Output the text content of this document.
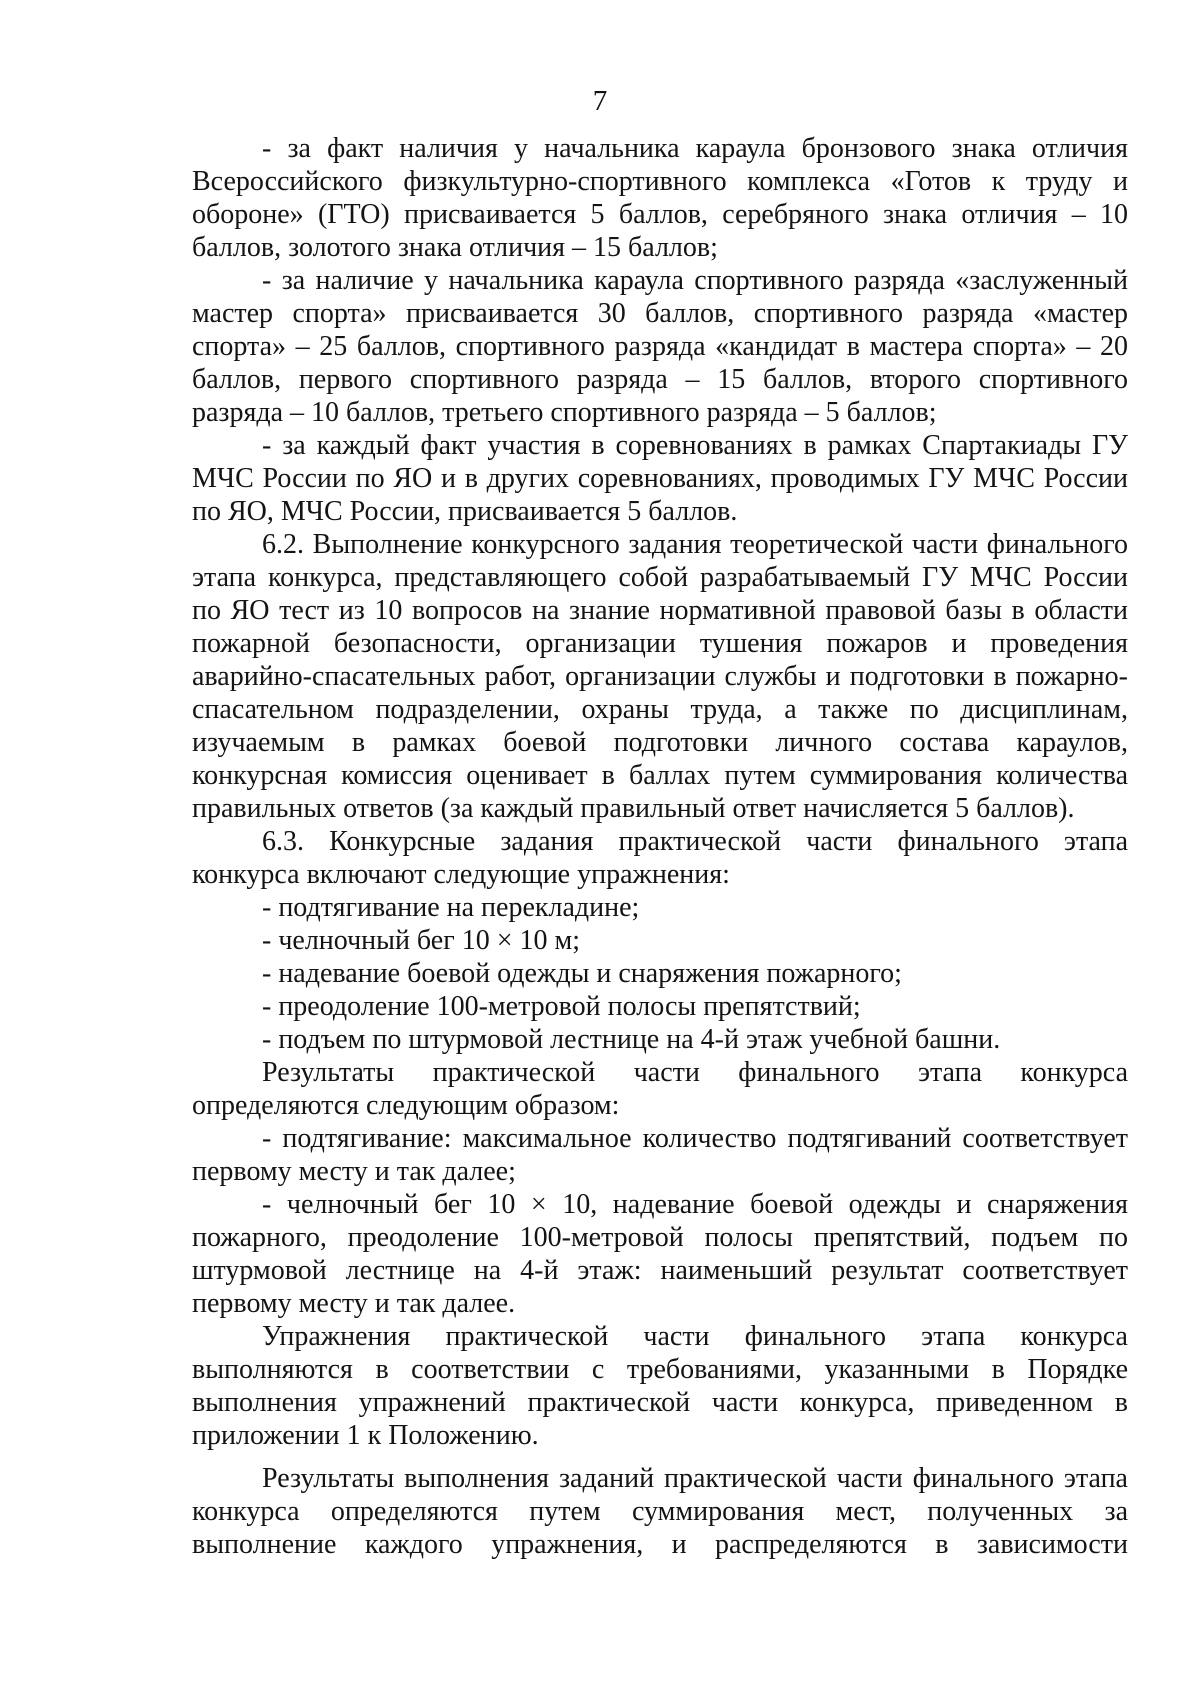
7

- за факт наличия у начальника караула бронзового знака отличия Всероссийского физкультурно-спортивного комплекса «Готов к труду и обороне» (ГТО) присваивается 5 баллов, серебряного знака отличия – 10 баллов, золотого знака отличия – 15 баллов;

- за наличие у начальника караула спортивного разряда «заслуженный мастер спорта» присваивается 30 баллов, спортивного разряда «мастер спорта» – 25 баллов, спортивного разряда «кандидат в мастера спорта» – 20 баллов, первого спортивного разряда – 15 баллов, второго спортивного разряда – 10 баллов, третьего спортивного разряда – 5 баллов;

- за каждый факт участия в соревнованиях в рамках Спартакиады ГУ МЧС России по ЯО и в других соревнованиях, проводимых ГУ МЧС России по ЯО, МЧС России, присваивается 5 баллов.

6.2. Выполнение конкурсного задания теоретической части финального этапа конкурса, представляющего собой разрабатываемый ГУ МЧС России по ЯО тест из 10 вопросов на знание нормативной правовой базы в области пожарной безопасности, организации тушения пожаров и проведения аварийно-спасательных работ, организации службы и подготовки в пожарно-спасательном подразделении, охраны труда, а также по дисциплинам, изучаемым в рамках боевой подготовки личного состава караулов, конкурсная комиссия оценивает в баллах путем суммирования количества правильных ответов (за каждый правильный ответ начисляется 5 баллов).

6.3. Конкурсные задания практической части финального этапа конкурса включают следующие упражнения:

- подтягивание на перекладине;

- челночный бег 10 × 10 м;

- надевание боевой одежды и снаряжения пожарного;

- преодоление 100-метровой полосы препятствий;

- подъем по штурмовой лестнице на 4-й этаж учебной башни.

Результаты практической части финального этапа конкурса определяются следующим образом:

- подтягивание: максимальное количество подтягиваний соответствует первому месту и так далее;

- челночный бег 10 × 10, надевание боевой одежды и снаряжения пожарного, преодоление 100-метровой полосы препятствий, подъем по штурмовой лестнице на 4-й этаж: наименьший результат соответствует первому месту и так далее.

Упражнения практической части финального этапа конкурса выполняются в соответствии с требованиями, указанными в Порядке выполнения упражнений практической части конкурса, приведенном в приложении 1 к Положению.

Результаты выполнения заданий практической части финального этапа конкурса определяются путем суммирования мест, полученных за выполнение каждого упражнения, и распределяются в зависимости
